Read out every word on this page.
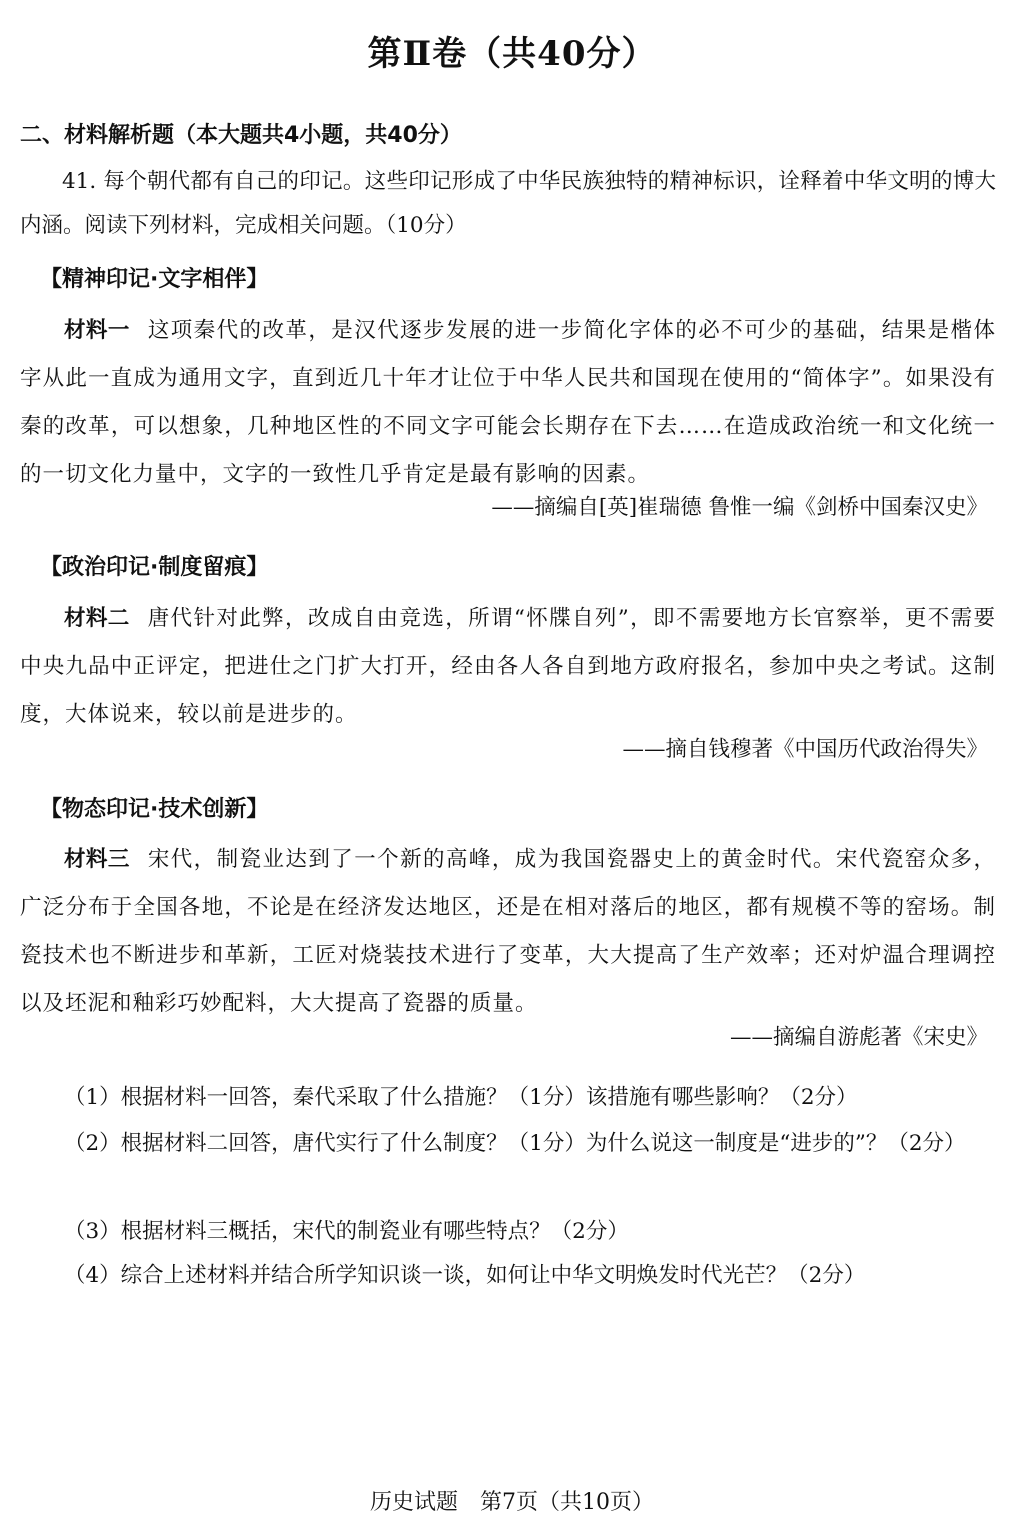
第Ⅱ卷（共40分）
二、材料解析题（本大题共4小题，共40分）
41. 每个朝代都有自己的印记。这些印记形成了中华民族独特的精神标识，诠释着中华文明的博大内涵。阅读下列材料，完成相关问题。（10分）
【精神印记·文字相伴】
材料一 这项秦代的改革，是汉代逐步发展的进一步简化字体的必不可少的基础，结果是楷体字从此一直成为通用文字，直到近几十年才让位于中华人民共和国现在使用的“简体字”。如果没有秦的改革，可以想象，几种地区性的不同文字可能会长期存在下去……在造成政治统一和文化统一的一切文化力量中，文字的一致性几乎肯定是最有影响的因素。
——摘编自[英]崔瑞德 鲁惟一编《剑桥中国秦汉史》
【政治印记·制度留痕】
材料二 唐代针对此弊，改成自由竞选，所谓“怀牒自列”，即不需要地方长官察举，更不需要中央九品中正评定，把进仕之门扩大打开，经由各人各自到地方政府报名，参加中央之考试。这制度，大体说来，较以前是进步的。
——摘自钱穆著《中国历代政治得失》
【物态印记·技术创新】
材料三 宋代，制瓷业达到了一个新的高峰，成为我国瓷器史上的黄金时代。宋代瓷窑众多，广泛分布于全国各地，不论是在经济发达地区，还是在相对落后的地区，都有规模不等的窑场。制瓷技术也不断进步和革新，工匠对烧装技术进行了变革，大大提高了生产效率；还对炉温合理调控以及坯泥和釉彩巧妙配料，大大提高了瓷器的质量。
——摘编自游彪著《宋史》
（1）根据材料一回答，秦代采取了什么措施？（1分）该措施有哪些影响？（2分）
（2）根据材料二回答，唐代实行了什么制度？（1分）为什么说这一制度是“进步的”？（2分）
（3）根据材料三概括，宋代的制瓷业有哪些特点？（2分）
（4）综合上述材料并结合所学知识谈一谈，如何让中华文明焕发时代光芒？（2分）
历史试题　第7页（共10页）
